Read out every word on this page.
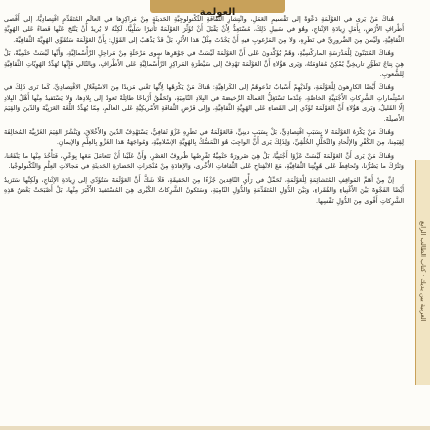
العولمة

هُناكَ مَنْ يَرى في العَوْلَمَةِ دَعْوَةً إلى تَقْسيمِ العَمَلِ، وانْتِشارِ الثَّقافَةِ التِّكْنولوجِيَّةِ الحَديثَةِ مِنْ مَراكِزِها في العالَمِ المُتَقَدِّمِ اقْتِصادِيًّا، إلى أَقْصى أَطْرافِ الأَرْضِ، بِأَمَلِ زِيادَةِ الإنْتاجِ، وهُوَ في سَبيلِ ذَلِكَ، مُسْتَعِدٌّ لِأَنْ يَقْبَلَ أَنْ تُؤَثِّرَ العَوْلَمَةُ تَأْثيرًا سَلْبِيًّا، لَكِنَّهُ لا يُريدُ أَنْ يَنْتُجَ عَنْها قَضاءٌ عَلى الهُوِيَّةِ الثَّقافِيَّةِ، وَلَيْسَ مِنَ الضَّرورِيِّ في نَظَرِهِ، وَلا مِنَ المَرْغوبِ فيهِ أَنْ يَحْدُثَ مِثْلُ هَذا الأَثَرِ، بَلْ قَدْ يَذْهَبُ إلى القَوْلِ: بِأَنَّ العَوْلَمَةَ سَتُقَوِّي الهُوِيَّةَ الثَّقافِيَّةَ.

وَهُناكَ المُتَبَنّونَ لِلْمَدْرَسَةِ الماركْسِيَّةِ، وَهُمْ يُؤَكِّدونَ عَلى أَنَّ العَوْلَمَةَ لَيْسَتْ في جَوْهَرِها سِوى مَرْحَلَةٍ مِنْ مَراحِلِ الرَّأْسْمالِيَّةِ، وَأَنَّها لَيْسَتْ حَتْمِيَّةً، بَلْ هِيَ نِتاجُ تَطَوُّرٍ تاريخِيٍّ يُمْكِنُ مُقاوَمَتُهُ، وَيَرى هَؤُلاءِ أَنَّ العَوْلَمَةَ تَهْدِفُ إلى سَيْطَرَةِ المَراكِزِ الرَّأْسْمالِيَّةِ عَلى الأَطْرافِ، وَبِالتّالي فَإِنَّها تُهَدِّدُ الهُوِيّاتِ الثَّقافِيَّةِ لِلشُّعوبِ.

وَهُناكَ أَيْضًا الكارِهونَ لِلْعَوْلَمَةِ، وَلَدَيْهِمْ أَسْبابٌ تَدْعوهُمْ إلى الكَراهِيَّةِ: هُناكَ مَنْ يَكْرَهُها لِأَنَّها تَعْني مَزيدًا مِنَ الاسْتِغْلالِ الاقْتِصادِيِّ، كَما نَرى ذَلِكَ في اسْتِثْماراتِ الشَّرِكاتِ الأَجْنَبِيَّةِ الخاصَّةِ، عِنْدَما تَسْتَغِلُّ العَمالَةَ الرَّخيصَةَ في البِلادِ النّامِيَةِ، وَتُحَقِّقُ أَرْباحًا طائِلَةً تَعودُ إلى بِلادِها، وَلا يَسْتَفيدُ مِنْها أَهْلُ البِلادِ إلّا القَليلُ، وَيَرى هَؤُلاءِ أَنَّ العَوْلَمَةَ تُؤَدّي إلى القَضاءِ عَلى الهُوِيَّةِ الثَّقافِيَّةِ، وَإِلى فَرْضِ الثَّقافَةِ الأَمْريكِيَّةِ عَلى العالَمِ، مِمّا يُهَدِّدُ اللُّغَةَ العَرَبِيَّةَ وَالدّينَ وَالقِيَمَ الأَصيلَةَ.

وَهُناكَ مَنْ يَكْرَهُ العَوْلَمَةَ لا بِسَبَبِ اقْتِصادِيٍّ، بَلْ بِسَبَبٍ دينِيٍّ، فَالعَوْلَمَةُ في نَظَرِهِ غَزْوٌ ثَقافِيٌّ، يَسْتَهْدِفُ الدّينَ وَالأَخْلاقَ، وَيَنْشُرُ القِيَمَ الغَرْبِيَّةَ المُخالِفَةَ لِقِيَمِنا، مِنَ الكُفْرِ وَالإلْحادِ وَالتَّحَلُّلِ الخُلُقِيِّ، وَلِذَلِكَ يَرى أَنَّ الواجِبَ هُوَ التَّمَسُّكُ بِالهُوِيَّةِ الإسْلامِيَّةِ، وَمُواجَهَةُ هَذا الغَزْوِ بِالعِلْمِ وَالإيمانِ.

وَهُناكَ مَنْ يَرى أَنَّ العَوْلَمَةَ لَيْسَتْ غَزْوًا أَجْنَبِيًّا، بَلْ هِيَ ضَرورَةٌ حَتْمِيَّةٌ تَفْرِضُها ظُروفُ العَصْرِ، وَأَنَّ عَلَيْنا أَنْ نَتَعامَلَ مَعَها بِوَعْيٍ، فَنَأْخُذَ مِنْها ما يَنْفَعُنا، وَنَتْرُكَ ما يَضُرُّنا، وَنُحافِظَ عَلى هُوِيَّتِنا الثَّقافِيَّةِ، مَعَ الانْفِتاحِ عَلى الثَّقافاتِ الأُخْرى، وَالإفادَةِ مِنْ مُنْجَزاتِ الحَضارَةِ الحَديثَةِ في مَجالاتِ العِلْمِ وَالتِّكْنولوجْيا.

إنَّ مِنْ أَهَمِّ المَواقِفِ المُتَشائِمَةِ لِلْعَوْلَمَةِ، تُحَمِّلُ في رَأْيِ النّاقِدينَ جُزْءًا مِنَ الحَقيقَةِ، فَلَا شَكَّ أَنَّ العَوْلَمَةَ سَتُؤَدّي إلى زِيادَةِ الإنْتاجِ، وَلَكِنَّها سَتَزيدُ أَيْضًا الفَجْوَةَ بَيْنَ الأَغْنِياءِ وَالفُقَراءِ، وَبَيْنَ الدُّوَلِ المُتَقَدِّمَةِ وَالدُّوَلِ النّامِيَةِ، وَسَتَكونُ الشَّرِكاتُ الكُبْرى هِيَ المُسْتَفيدَ الأَكْبَرَ مِنْها، بَلْ أَصْبَحَتْ بَعْضُ هَذِهِ الشَّرِكاتِ أَقْوى مِنَ الدُّوَلِ نَفْسِها.

العربية بين يديك · كتاب الطالب الرابع
